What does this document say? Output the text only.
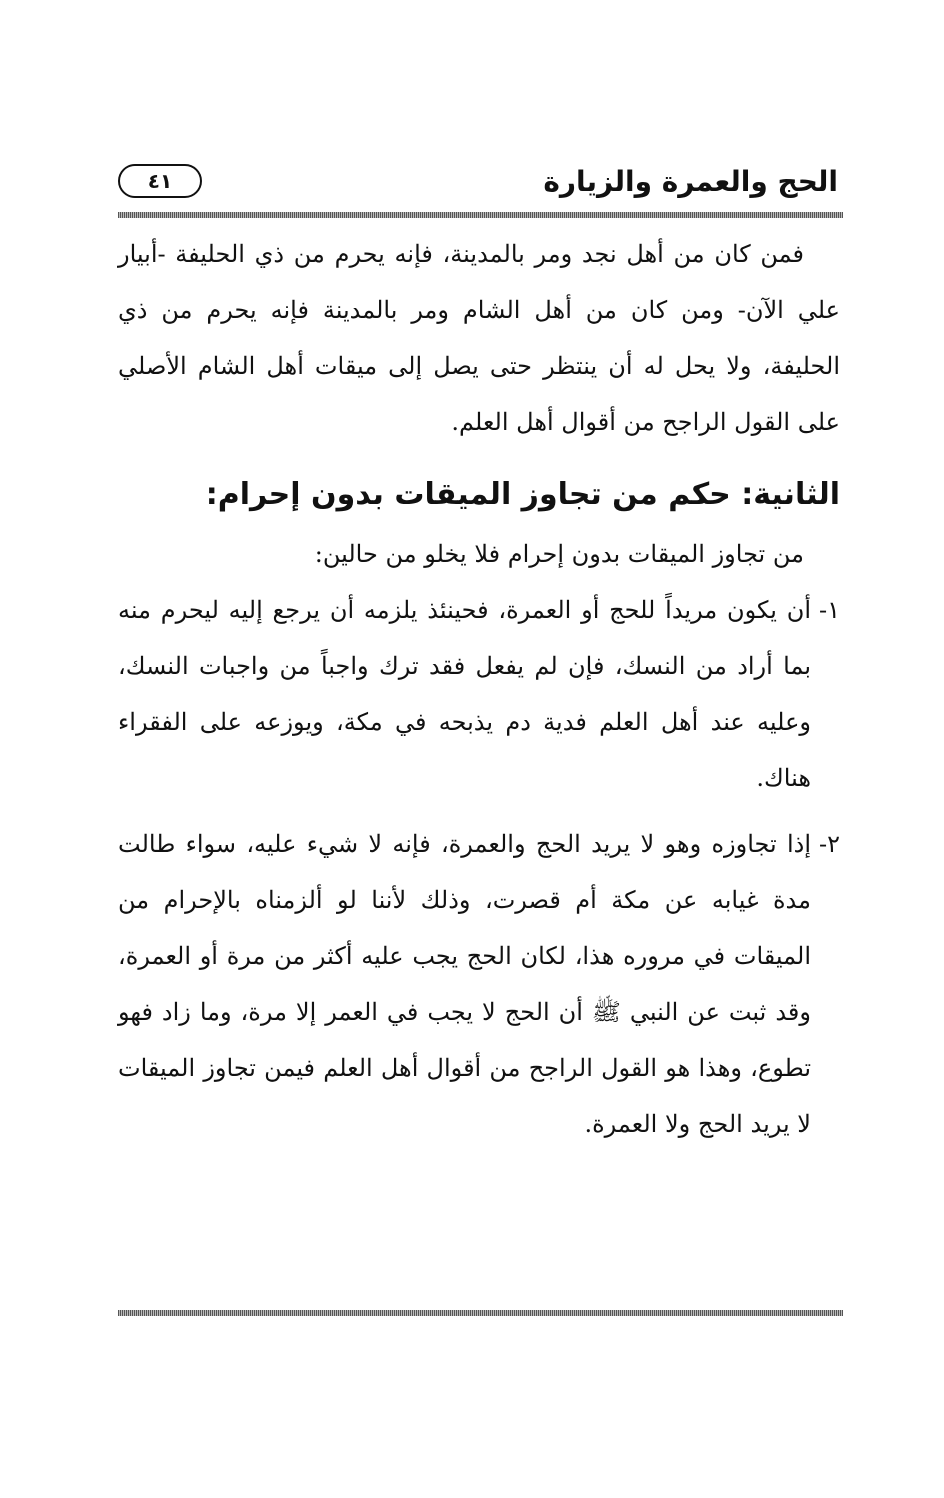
الحج والعمرة والزيارة
٤١

فمن كان من أهل نجد ومر بالمدينة، فإنه يحرم من ذي الحليفة -أبيار علي الآن- ومن كان من أهل الشام ومر بالمدينة فإنه يحرم من ذي الحليفة، ولا يحل له أن ينتظر حتى يصل إلى ميقات أهل الشام الأصلي على القول الراجح من أقوال أهل العلم.

الثانية: حكم من تجاوز الميقات بدون إحرام:

من تجاوز الميقات بدون إحرام فلا يخلو من حالين:

١-

أن يكون مريداً للحج أو العمرة، فحينئذ يلزمه أن يرجع إليه ليحرم منه بما أراد من النسك، فإن لم يفعل فقد ترك واجباً من واجبات النسك، وعليه عند أهل العلم فدية دم يذبحه في مكة، ويوزعه على الفقراء هناك.

٢-

إذا تجاوزه وهو لا يريد الحج والعمرة، فإنه لا شيء عليه، سواء طالت مدة غيابه عن مكة أم قصرت، وذلك لأننا لو ألزمناه بالإحرام من الميقات في مروره هذا، لكان الحج يجب عليه أكثر من مرة أو العمرة، وقد ثبت عن النبي ﷺ أن الحج لا يجب في العمر إلا مرة، وما زاد فهو تطوع، وهذا هو القول الراجح من أقوال أهل العلم فيمن تجاوز الميقات لا يريد الحج ولا العمرة.
